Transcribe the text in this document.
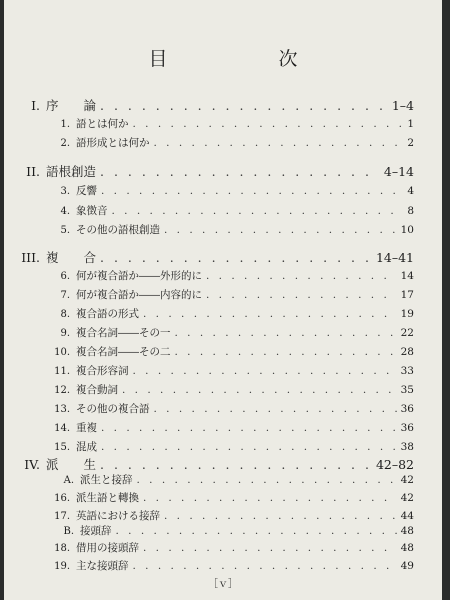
目　次
I. 序　　論 . . .	1–4
1. 語とは何か . . .	1
2. 語形成とは何か . . .	2
II. 語根創造 . . .	4–14
3. 反響 . . .	4
4. 象徴音 . . .	8
5. その他の語根創造 . . .	10
III. 複　　合 . . .	14–41
6. 何が複合語か――外形的に . . .	14
7. 何が複合語か――内容的に . . .	17
8. 複合語の形式 . . .	19
9. 複合名詞――その一 . . .	22
10. 複合名詞――その二 . . .	28
11. 複合形容詞 . . .	33
12. 複合動詞 . . .	35
13. その他の複合語 . . .	36
14. 重複 . . .	36
15. 混成 . . .	38
IV. 派　　生 . . .	42–82
A. 派生と接辞 . . .	42
16. 派生語と轉換 . . .	42
17. 英語における接辞 . . .	44
B. 接頭辞 . . .	48
18. 借用の接頭辞 . . .	48
19. 主な接頭辞 . . .	49
［ｖ］
